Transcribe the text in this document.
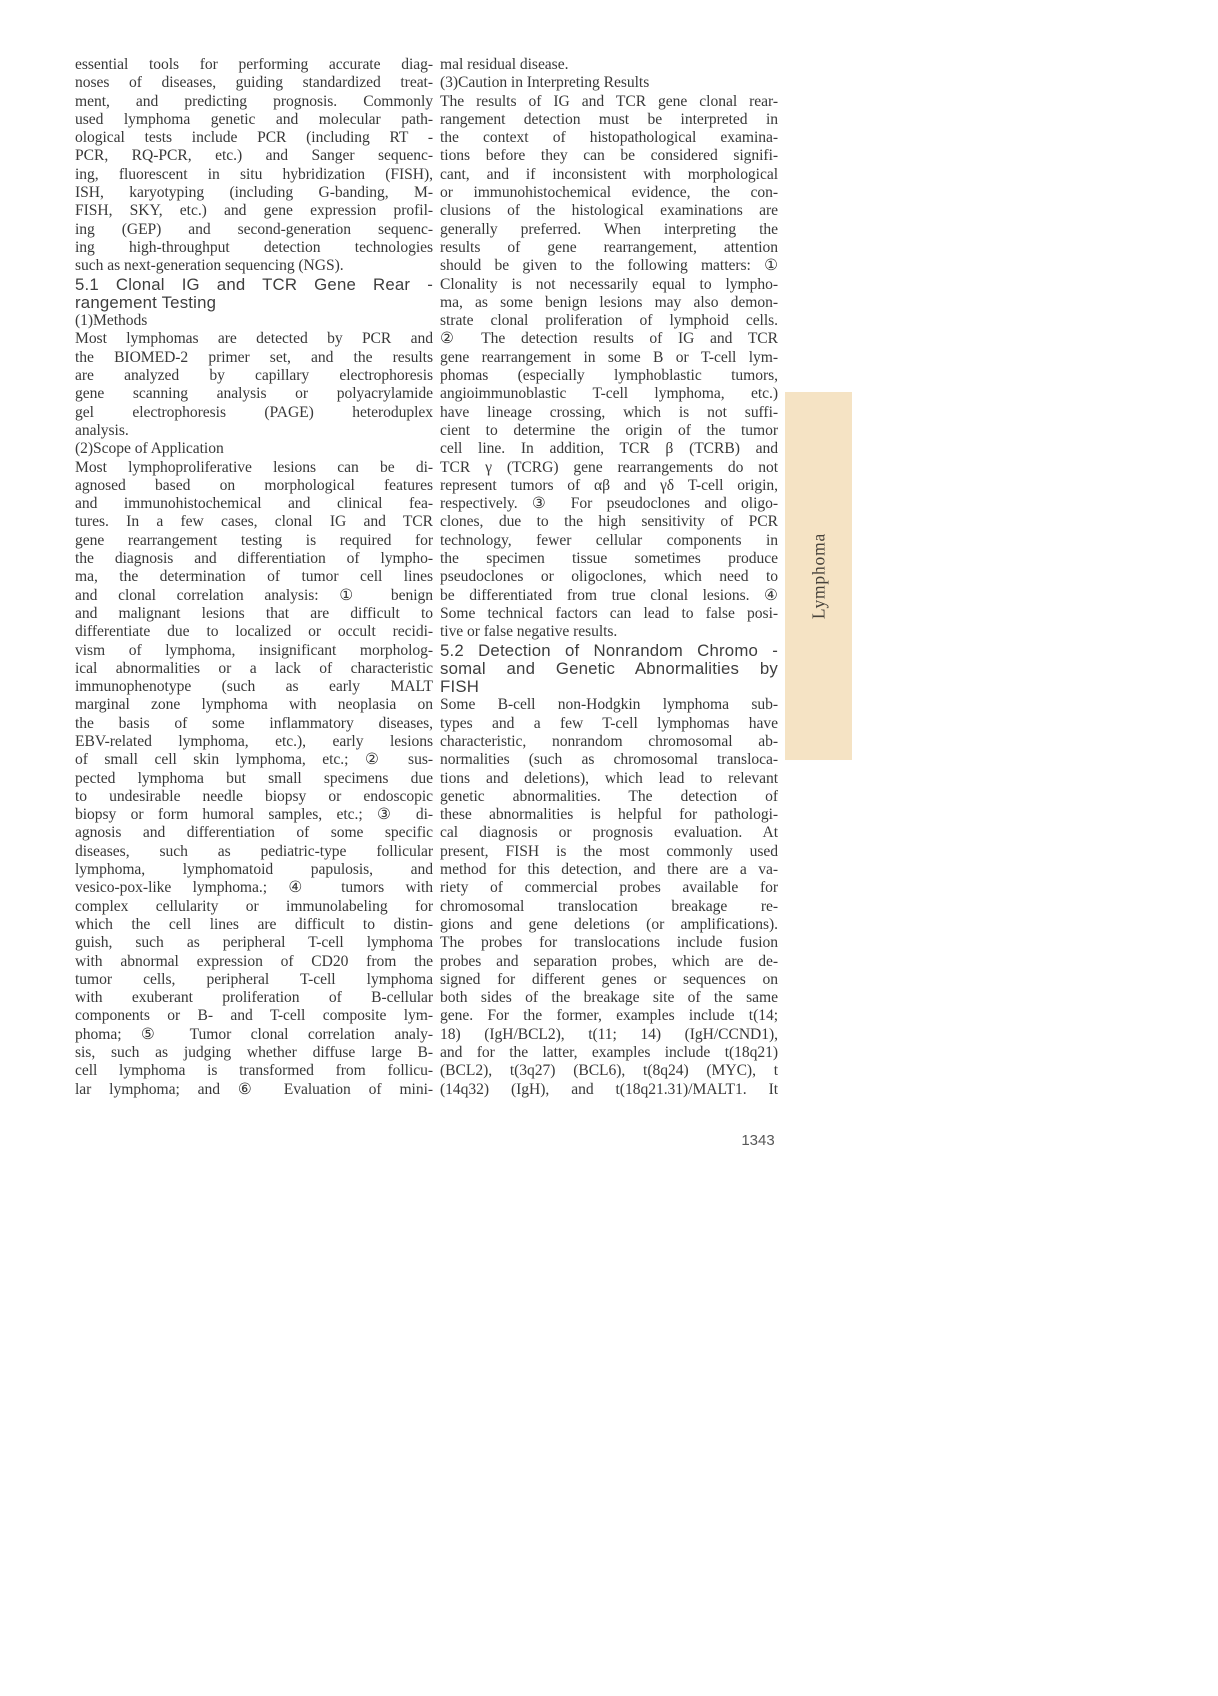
essential tools for performing accurate diag-
noses of diseases, guiding standardized treat-
ment, and predicting prognosis. Commonly
used lymphoma genetic and molecular path-
ological tests include PCR (including RT -
PCR, RQ-PCR, etc.) and Sanger sequenc-
ing, fluorescent in situ hybridization (FISH),
ISH, karyotyping (including G-banding, M-
FISH, SKY, etc.) and gene expression profil-
ing (GEP) and second-generation sequenc-
ing high-throughput detection technologies
such as next-generation sequencing (NGS).
5.1 Clonal IG and TCR Gene Rear -
rangement Testing
(1)Methods
Most lymphomas are detected by PCR and
the BIOMED-2 primer set, and the results
are analyzed by capillary electrophoresis
gene scanning analysis or polyacrylamide
gel electrophoresis (PAGE) heteroduplex
analysis.
(2)Scope of Application
Most lymphoproliferative lesions can be di-
agnosed based on morphological features
and immunohistochemical and clinical fea-
tures. In a few cases, clonal IG and TCR
gene rearrangement testing is required for
the diagnosis and differentiation of lympho-
ma, the determination of tumor cell lines
and clonal correlation analysis: ① benign
and malignant lesions that are difficult to
differentiate due to localized or occult recidi-
vism of lymphoma, insignificant morpholog-
ical abnormalities or a lack of characteristic
immunophenotype (such as early MALT
marginal zone lymphoma with neoplasia on
the basis of some inflammatory diseases,
EBV-related lymphoma, etc.), early lesions
of small cell skin lymphoma, etc.; ② sus-
pected lymphoma but small specimens due
to undesirable needle biopsy or endoscopic
biopsy or form humoral samples, etc.; ③ di-
agnosis and differentiation of some specific
diseases, such as pediatric-type follicular
lymphoma, lymphomatoid papulosis, and
vesico-pox-like lymphoma.; ④ tumors with
complex cellularity or immunolabeling for
which the cell lines are difficult to distin-
guish, such as peripheral T-cell lymphoma
with abnormal expression of CD20 from the
tumor cells, peripheral T-cell lymphoma
with exuberant proliferation of B-cellular
components or B- and T-cell composite lym-
phoma; ⑤ Tumor clonal correlation analy-
sis, such as judging whether diffuse large B-
cell lymphoma is transformed from follicu-
lar lymphoma; and ⑥ Evaluation of mini-
mal residual disease.
(3)Caution in Interpreting Results
The results of IG and TCR gene clonal rear-
rangement detection must be interpreted in
the context of histopathological examina-
tions before they can be considered signifi-
cant, and if inconsistent with morphological
or immunohistochemical evidence, the con-
clusions of the histological examinations are
generally preferred. When interpreting the
results of gene rearrangement, attention
should be given to the following matters: ①
Clonality is not necessarily equal to lympho-
ma, as some benign lesions may also demon-
strate clonal proliferation of lymphoid cells.
② The detection results of IG and TCR
gene rearrangement in some B or T-cell lym-
phomas (especially lymphoblastic tumors,
angioimmunoblastic T-cell lymphoma, etc.)
have lineage crossing, which is not suffi-
cient to determine the origin of the tumor
cell line. In addition, TCR β (TCRB) and
TCR γ (TCRG) gene rearrangements do not
represent tumors of αβ and γδ T-cell origin,
respectively. ③ For pseudoclones and oligo-
clones, due to the high sensitivity of PCR
technology, fewer cellular components in
the specimen tissue sometimes produce
pseudoclones or oligoclones, which need to
be differentiated from true clonal lesions. ④
Some technical factors can lead to false posi-
tive or false negative results.
5.2 Detection of Nonrandom Chromo -
somal and Genetic Abnormalities by
FISH
Some B-cell non-Hodgkin lymphoma sub-
types and a few T-cell lymphomas have
characteristic, nonrandom chromosomal ab-
normalities (such as chromosomal transloca-
tions and deletions), which lead to relevant
genetic abnormalities. The detection of
these abnormalities is helpful for pathologi-
cal diagnosis or prognosis evaluation. At
present, FISH is the most commonly used
method for this detection, and there are a va-
riety of commercial probes available for
chromosomal translocation breakage re-
gions and gene deletions (or amplifications).
The probes for translocations include fusion
probes and separation probes, which are de-
signed for different genes or sequences on
both sides of the breakage site of the same
gene. For the former, examples include t(14;
18) (IgH/BCL2), t(11; 14) (IgH/CCND1),
and for the latter, examples include t(18q21)
(BCL2), t(3q27) (BCL6), t(8q24) (MYC), t
(14q32) (IgH), and t(18q21.31)/MALT1. It
Lymphoma
1343
